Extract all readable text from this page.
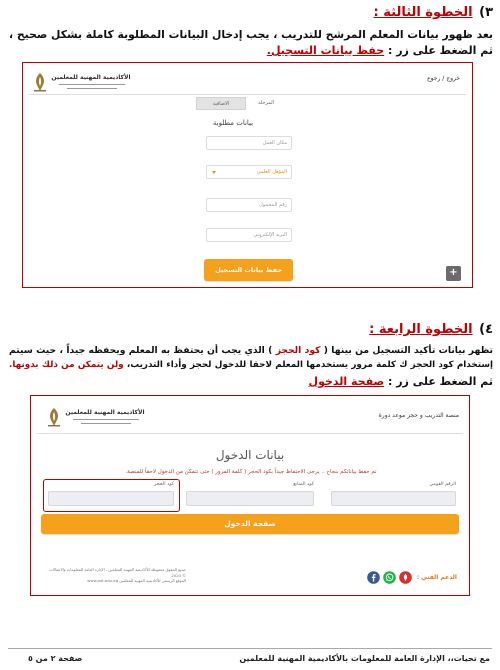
٣) الخطوة الثالثة :
بعد ظهور بيانات المعلم المرشح للتدريب ، يجب إدخال البيانات المطلوبة كاملة بشكل صحيح ،
ثم الضغط على زر : حفظ بيانات التسجيل.
الأكاديمية المهنية للمعلمين	خروج / رجوع
الاضافية	المرحلة
بيانات مطلوبة
مكان العمل
المؤهل العلمي
رقم المحمول
البريد الإلكتروني
حفظ بيانات التسجيل	+
٤) الخطوة الرابعة :
تظهر بيانات تأكيد التسجيل من بينها ( كود الحجز ) الذي يجب أن يحتفظ به المعلم ويحفظه جيداً ، حيث سيتم
إستخدام كود الحجز ك كلمة مرور يستخدمها المعلم لاحقا للدخول لحجز وأداء التدريب، ولن يتمكن من ذلك بدونها.
ثم الضغط على زر : صفحة الدخول
الأكاديمية المهنية للمعلمين	منصة التدريب و حجز موعد دورة
بيانات الدخول
تم حفظ بياناتكم بنجاح .. يرجى الاحتفاظ جيداً بكود الحجز ( كلمة المرور ) حتى تتمكن من الدخول لاحقاً للمنصة.
الرقم القومي
كود المتابع
كود الحجز
صفحة الدخول
جميع الحقوق محفوظة للأكاديمية المهنية للمعلمين - الإدارة العامة للمعلومات والاتصالات © 2020
الموقع الرسمي للأكاديمية المهنية للمعلمين www.pat.edu.eg	الدعم الفني :
مع تحيات،، الإدارة العامة للمعلومات بالأكاديمية المهنية للمعلمين
صفحة ٢ من ٥
